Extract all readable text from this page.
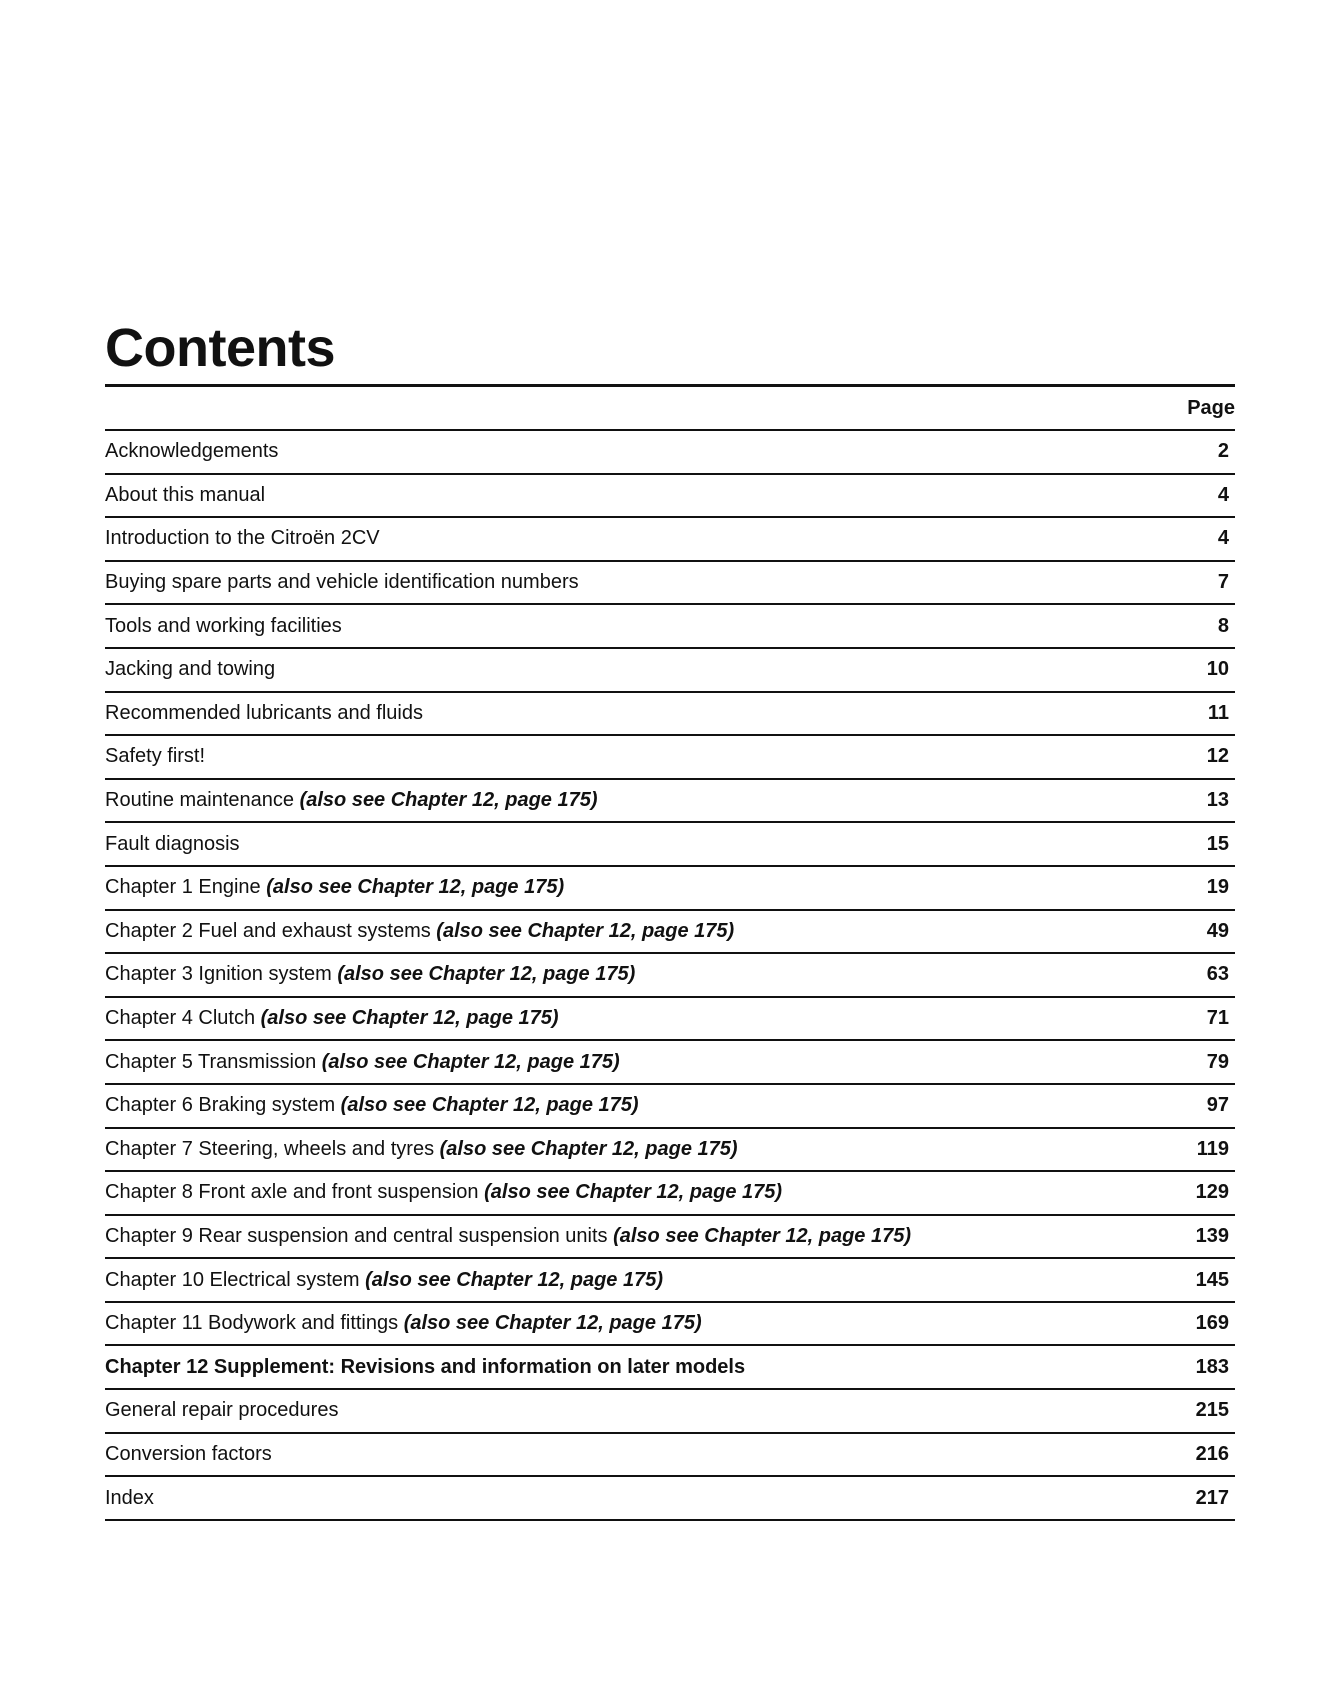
Contents
Page
Acknowledgements	2
About this manual	4
Introduction to the Citroën 2CV	4
Buying spare parts and vehicle identification numbers	7
Tools and working facilities	8
Jacking and towing	10
Recommended lubricants and fluids	11
Safety first!	12
Routine maintenance (also see Chapter 12, page 175)	13
Fault diagnosis	15
Chapter 1 Engine (also see Chapter 12, page 175)	19
Chapter 2 Fuel and exhaust systems (also see Chapter 12, page 175)	49
Chapter 3 Ignition system (also see Chapter 12, page 175)	63
Chapter 4 Clutch (also see Chapter 12, page 175)	71
Chapter 5 Transmission (also see Chapter 12, page 175)	79
Chapter 6 Braking system (also see Chapter 12, page 175)	97
Chapter 7 Steering, wheels and tyres (also see Chapter 12, page 175)	119
Chapter 8 Front axle and front suspension (also see Chapter 12, page 175)	129
Chapter 9 Rear suspension and central suspension units (also see Chapter 12, page 175)	139
Chapter 10 Electrical system (also see Chapter 12, page 175)	145
Chapter 11 Bodywork and fittings (also see Chapter 12, page 175)	169
Chapter 12 Supplement: Revisions and information on later models	183
General repair procedures	215
Conversion factors	216
Index	217
